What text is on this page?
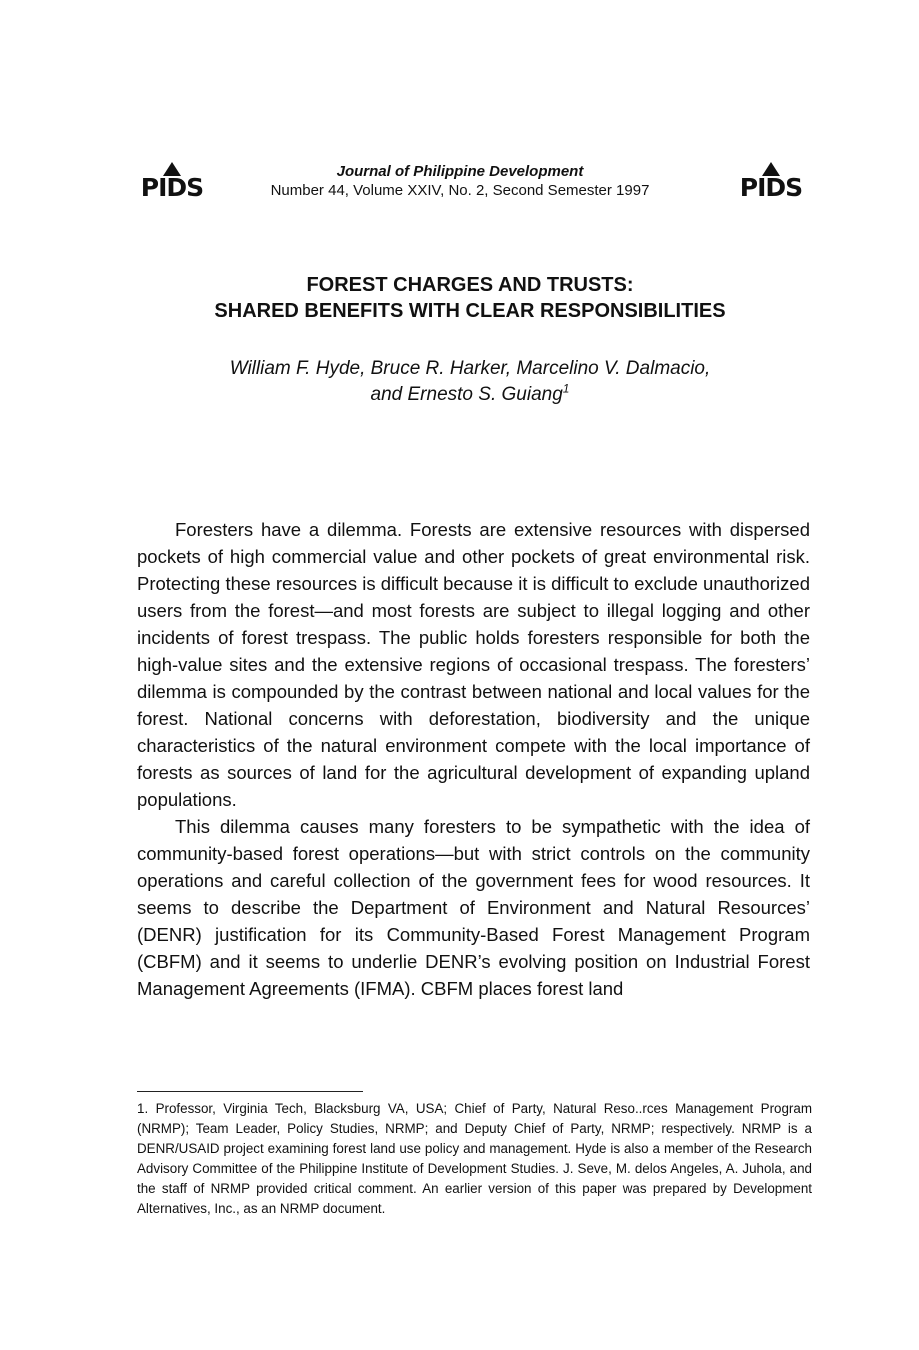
PIDS
Journal of Philippine Development
Number 44, Volume XXIV, No. 2, Second Semester 1997	PIDS
FOREST CHARGES AND TRUSTS:
SHARED BENEFITS WITH CLEAR RESPONSIBILITIES
William F. Hyde, Bruce R. Harker, Marcelino V. Dalmacio,
and Ernesto S. Guiang$^1$

Foresters have a dilemma. Forests are extensive resources with dispersed pockets of high commercial value and other pockets of great environmental risk. Protecting these resources is difficult because it is difficult to exclude unauthorized users from the forest—and most forests are subject to illegal logging and other incidents of forest trespass. The public holds foresters responsible for both the high-value sites and the extensive regions of occasional trespass. The foresters’ dilemma is compounded by the contrast between national and local values for the forest. National concerns with deforestation, biodiversity and the unique characteristics of the natural environment compete with the local importance of forests as sources of land for the agricultural development of expanding upland populations.

This dilemma causes many foresters to be sympathetic with the idea of community-based forest operations—but with strict controls on the community operations and careful collection of the government fees for wood resources. It seems to describe the Department of Environment and Natural Resources’ (DENR) justification for its Community-Based Forest Management Program (CBFM) and it seems to underlie DENR’s evolving position on Industrial Forest Management Agreements (IFMA). CBFM places forest land

1. Professor, Virginia Tech, Blacksburg VA, USA; Chief of Party, Natural Reso..rces Management Program (NRMP); Team Leader, Policy Studies, NRMP; and Deputy Chief of Party, NRMP; respectively. NRMP is a DENR/USAID project examining forest land use policy and management. Hyde is also a member of the Research Advisory Committee of the Philippine Institute of Development Studies. J. Seve, M. delos Angeles, A. Juhola, and the staff of NRMP provided critical comment. An earlier version of this paper was prepared by Development Alternatives, Inc., as an NRMP document.
